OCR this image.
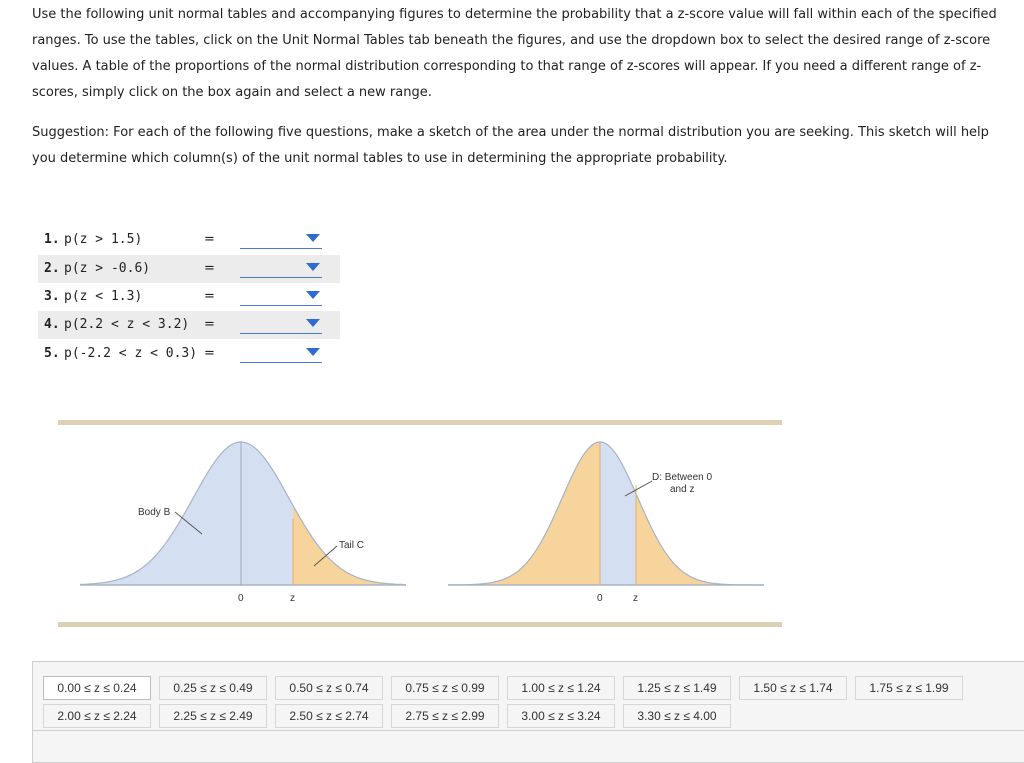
Use the following unit normal tables and accompanying figures to determine the probability that a z-score value will fall within each of the specified ranges. To use the tables, click on the Unit Normal Tables tab beneath the figures, and use the dropdown box to select the desired range of z-score values. A table of the proportions of the normal distribution corresponding to that range of z-scores will appear. If you need a different range of z-scores, simply click on the box again and select a new range.
Suggestion: For each of the following five questions, make a sketch of the area under the normal distribution you are seeking. This sketch will help you determine which column(s) of the unit normal tables to use in determining the appropriate probability.
1. p(z > 1.5)	=
2. p(z > -0.6)	=
3. p(z < 1.3)	=
4. p(2.2 < z < 3.2) =
5. p(-2.2 < z < 0.3) =
Body B
Tail C
0	z
D: Between 0
and z
0	z
0.00 ≤ z ≤ 0.24	0.25 ≤ z ≤ 0.49	0.50 ≤ z ≤ 0.74	0.75 ≤ z ≤ 0.99	1.00 ≤ z ≤ 1.24	1.25 ≤ z ≤ 1.49	1.50 ≤ z ≤ 1.74	1.75 ≤ z ≤ 1.99
2.00 ≤ z ≤ 2.24	2.25 ≤ z ≤ 2.49	2.50 ≤ z ≤ 2.74	2.75 ≤ z ≤ 2.99	3.00 ≤ z ≤ 3.24	3.30 ≤ z ≤ 4.00
